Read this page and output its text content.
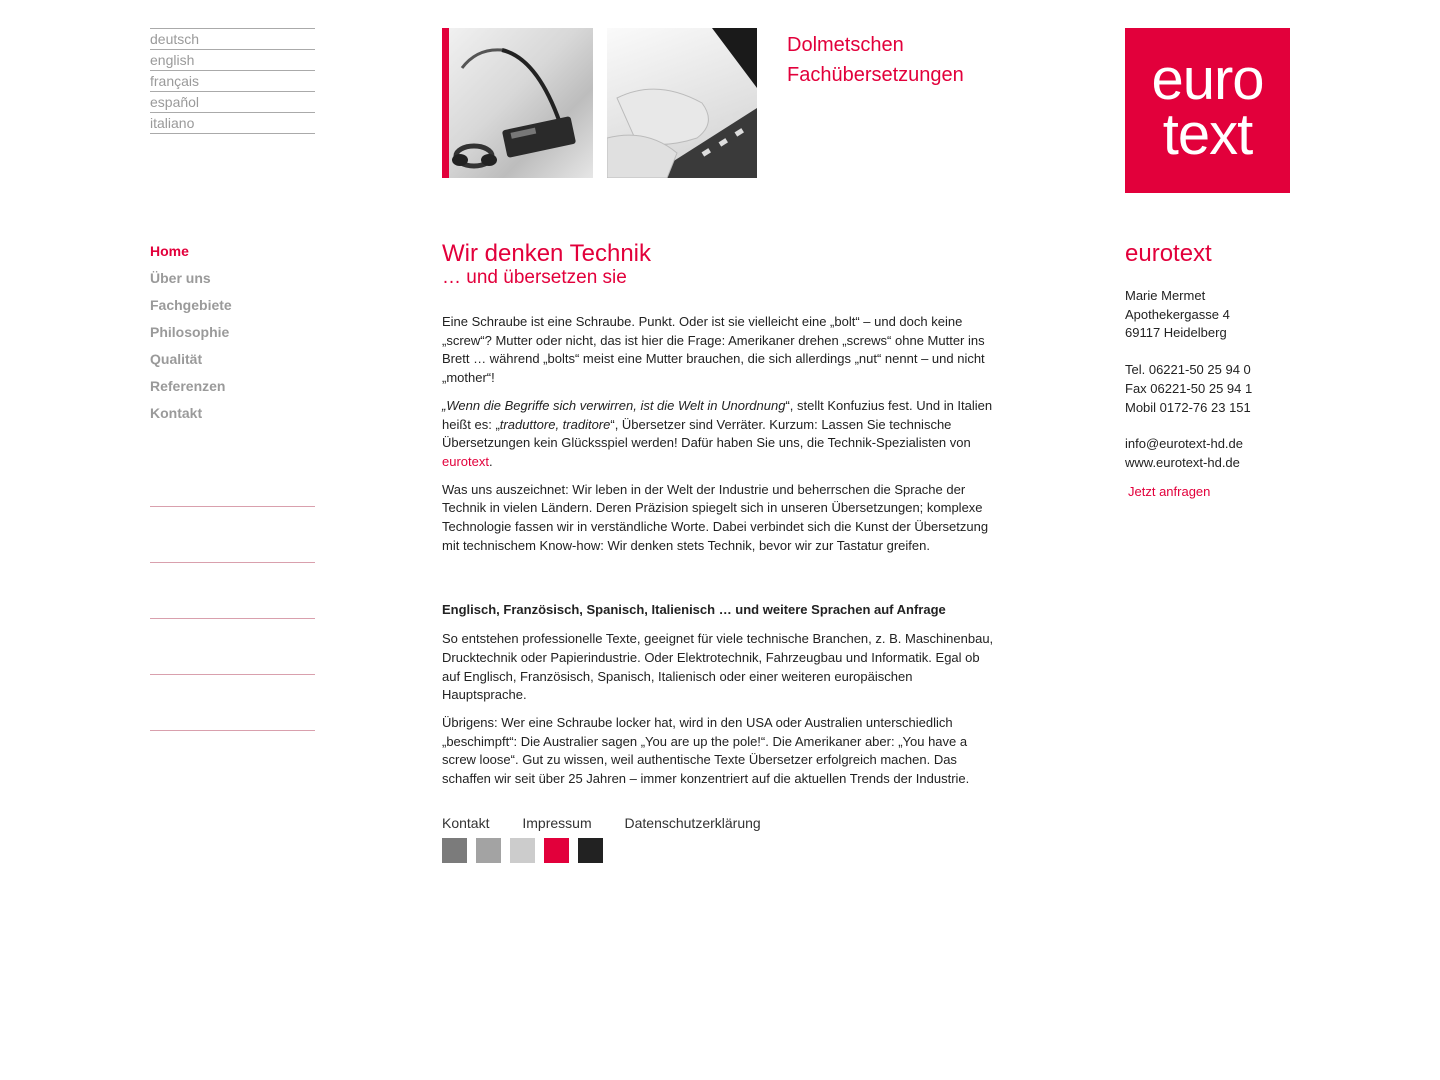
deutsch
english
français
español
italiano
Dolmetschen
Fachübersetzungen	euro
text
Home
Über uns
Fachgebiete
Philosophie
Qualität
Referenzen
Kontakt
Wir denken Technik
… und übersetzen sie

Eine Schraube ist eine Schraube. Punkt. Oder ist sie vielleicht eine „bolt“ – und doch keine „screw“? Mutter oder nicht, das ist hier die Frage: Amerikaner drehen „screws“ ohne Mutter ins Brett … während „bolts“ meist eine Mutter brauchen, die sich allerdings „nut“ nennt – und nicht „mother“!

„Wenn die Begriffe sich verwirren, ist die Welt in Unordnung“, stellt Konfuzius fest. Und in Italien heißt es: „traduttore, traditore“, Übersetzer sind Verräter. Kurzum: Lassen Sie technische Übersetzungen kein Glücksspiel werden! Dafür haben Sie uns, die Technik-Spezialisten von eurotext.

Was uns auszeichnet: Wir leben in der Welt der Industrie und beherrschen die Sprache der Technik in vielen Ländern. Deren Präzision spiegelt sich in unseren Übersetzungen; komplexe Technologie fassen wir in verständliche Worte. Dabei verbindet sich die Kunst der Übersetzung mit technischem Know-how: Wir denken stets Technik, bevor wir zur Tastatur greifen.

Englisch, Französisch, Spanisch, Italienisch … und weitere Sprachen auf Anfrage

So entstehen professionelle Texte, geeignet für viele technische Branchen, z. B. Maschinenbau, Drucktechnik oder Papierindustrie. Oder Elektrotechnik, Fahrzeugbau und Informatik. Egal ob auf Englisch, Französisch, Spanisch, Italienisch oder einer weiteren europäischen Hauptsprache.

Übrigens: Wer eine Schraube locker hat, wird in den USA oder Australien unterschiedlich „beschimpft“: Die Australier sagen „You are up the pole!“. Die Amerikaner aber: „You have a screw loose“. Gut zu wissen, weil authentische Texte Übersetzer erfolgreich machen. Das schaffen wir seit über 25 Jahren – immer konzentriert auf die aktuellen Trends der Industrie.

Kontakt Impressum Datenschutzerklärung
eurotext
Marie Mermet
Apothekergasse 4
69117 Heidelberg
Tel. 06221-50 25 94 0
Fax 06221-50 25 94 1
Mobil 0172-76 23 151
info@eurotext-hd.de
www.eurotext-hd.de
Jetzt anfragen
